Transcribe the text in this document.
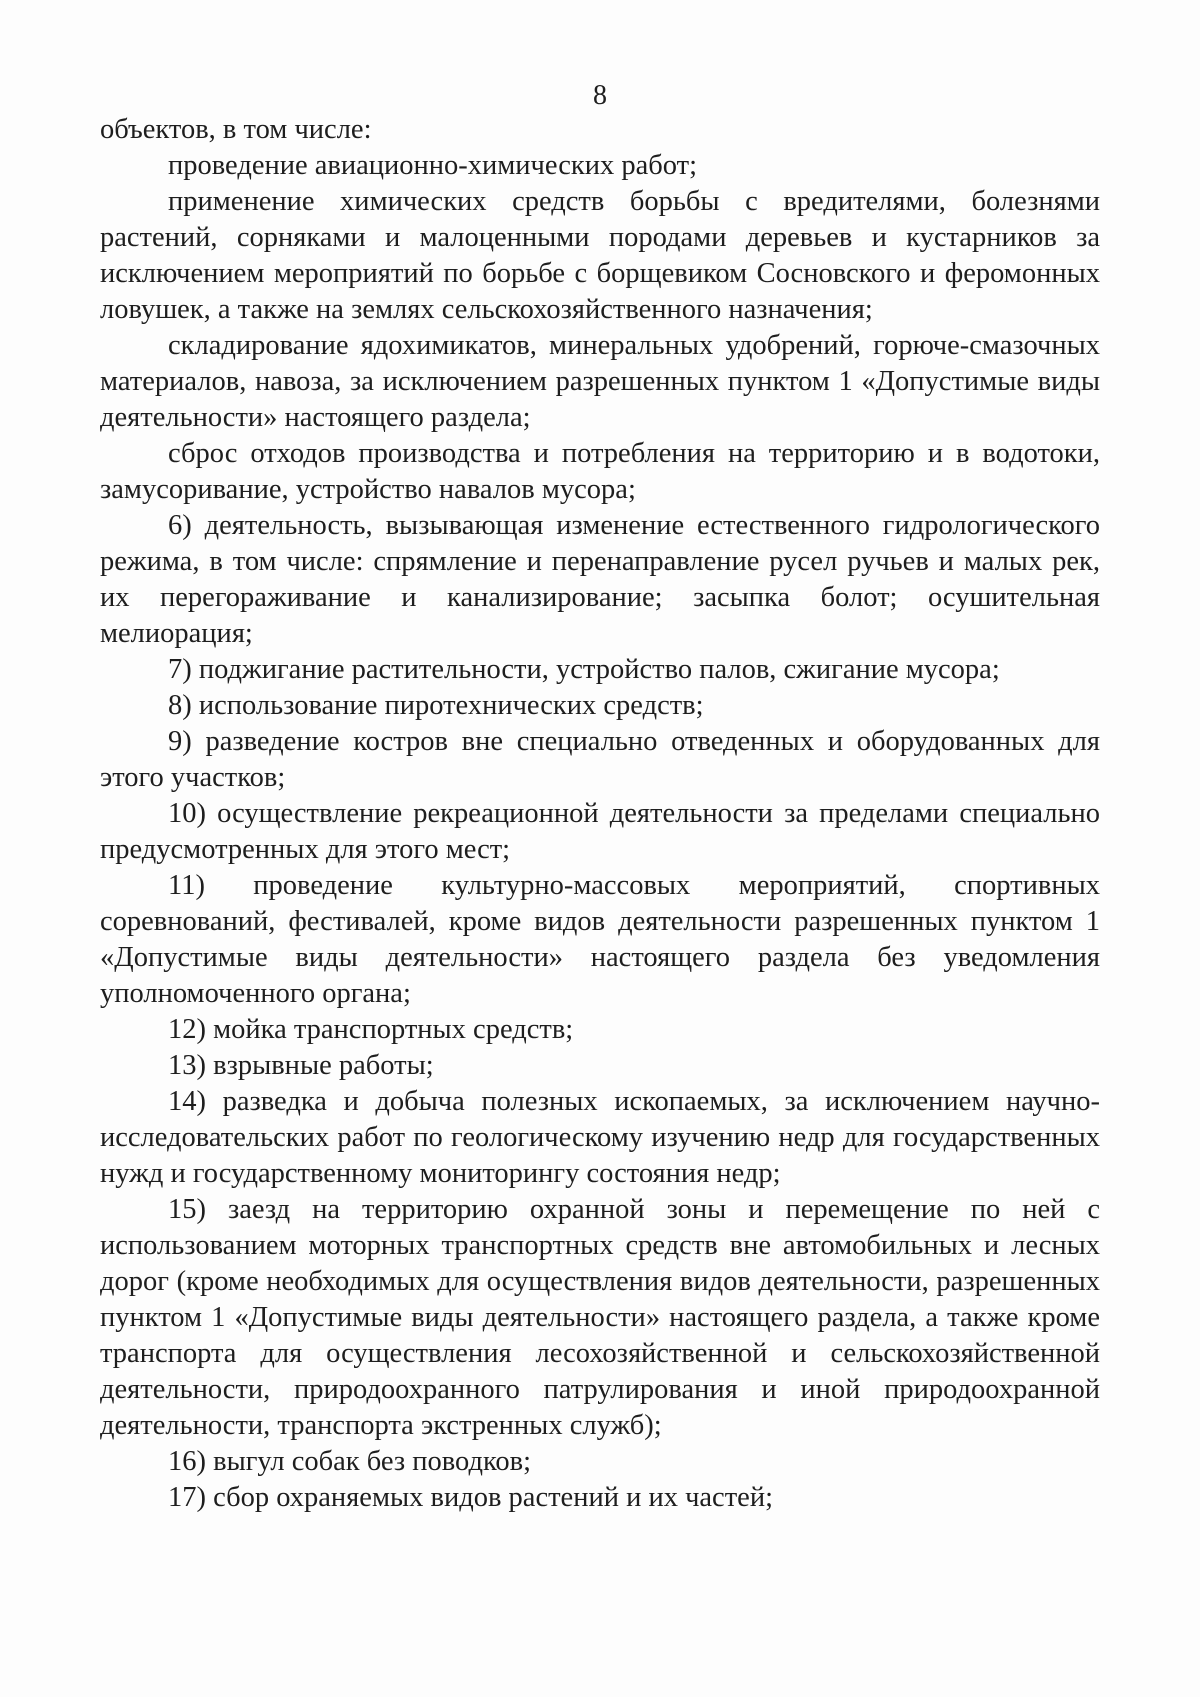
8

объектов, в том числе:

проведение авиационно-химических работ;

применение химических средств борьбы с вредителями, болезнями растений, сорняками и малоценными породами деревьев и кустарников за исключением мероприятий по борьбе с борщевиком Сосновского и феромонных ловушек, а также на землях сельскохозяйственного назначения;

складирование ядохимикатов, минеральных удобрений, горюче-смазочных материалов, навоза, за исключением разрешенных пунктом 1 «Допустимые виды деятельности» настоящего раздела;

сброс отходов производства и потребления на территорию и в водотоки, замусоривание, устройство навалов мусора;

6) деятельность, вызывающая изменение естественного гидрологического режима, в том числе: спрямление и перенаправление русел ручьев и малых рек, их перегораживание и канализирование; засыпка болот; осушительная мелиорация;

7) поджигание растительности, устройство палов, сжигание мусора;

8) использование пиротехнических средств;

9) разведение костров вне специально отведенных и оборудованных для этого участков;

10) осуществление рекреационной деятельности за пределами специально предусмотренных для этого мест;

11) проведение культурно-массовых мероприятий, спортивных соревнований, фестивалей, кроме видов деятельности разрешенных пунктом 1 «Допустимые виды деятельности» настоящего раздела без уведомления уполномоченного органа;

12) мойка транспортных средств;

13) взрывные работы;

14) разведка и добыча полезных ископаемых, за исключением научно-исследовательских работ по геологическому изучению недр для государственных нужд и государственному мониторингу состояния недр;

15) заезд на территорию охранной зоны и перемещение по ней с использованием моторных транспортных средств вне автомобильных и лесных дорог (кроме необходимых для осуществления видов деятельности, разрешенных пунктом 1 «Допустимые виды деятельности» настоящего раздела, а также кроме транспорта для осуществления лесохозяйственной и сельскохозяйственной деятельности, природоохранного патрулирования и иной природоохранной деятельности, транспорта экстренных служб);

16) выгул собак без поводков;

17) сбор охраняемых видов растений и их частей;
